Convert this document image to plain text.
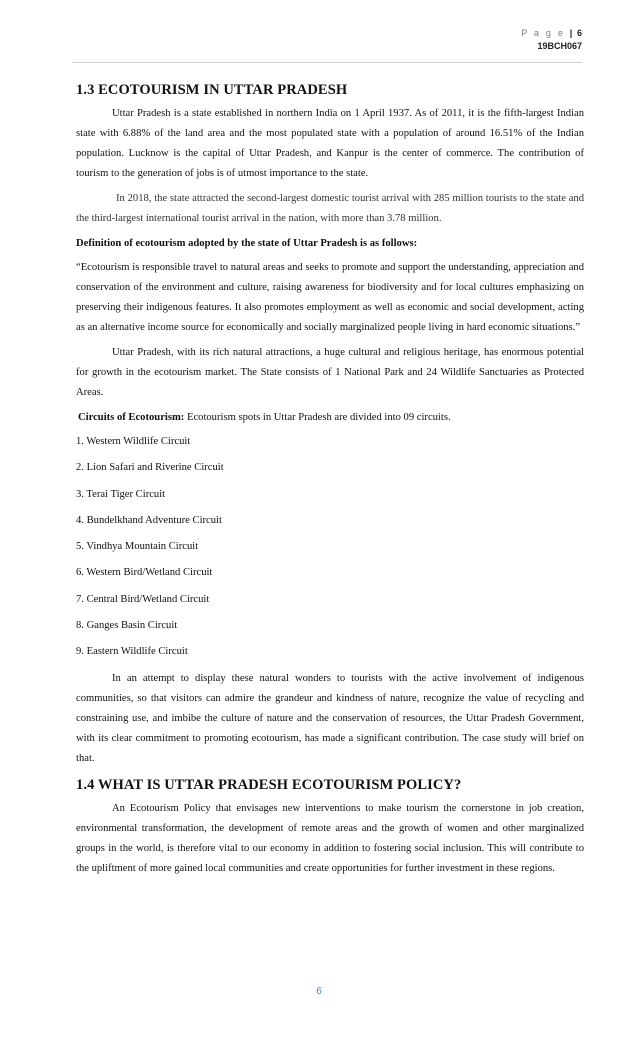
P a g e | 6
19BCH067
1.3 ECOTOURISM IN UTTAR PRADESH

Uttar Pradesh is a state established in northern India on 1 April 1937. As of 2011, it is the fifth-largest Indian state with 6.88% of the land area and the most populated state with a population of around 16.51% of the Indian population. Lucknow is the capital of Uttar Pradesh, and Kanpur is the center of commerce. The contribution of tourism to the generation of jobs is of utmost importance to the state.

In 2018, the state attracted the second-largest domestic tourist arrival with 285 million tourists to the state and the third-largest international tourist arrival in the nation, with more than 3.78 million.

Definition of ecotourism adopted by the state of Uttar Pradesh is as follows:

“Ecotourism is responsible travel to natural areas and seeks to promote and support the understanding, appreciation and conservation of the environment and culture, raising awareness for biodiversity and for local cultures emphasizing on preserving their indigenous features. It also promotes employment as well as economic and social development, acting as an alternative income source for economically and socially marginalized people living in hard economic situations.”

Uttar Pradesh, with its rich natural attractions, a huge cultural and religious heritage, has enormous potential for growth in the ecotourism market. The State consists of 1 National Park and 24 Wildlife Sanctuaries as Protected Areas.

Circuits of Ecotourism: Ecotourism spots in Uttar Pradesh are divided into 09 circuits.
1. Western Wildlife Circuit
2. Lion Safari and Riverine Circuit
3. Terai Tiger Circuit
4. Bundelkhand Adventure Circuit
5. Vindhya Mountain Circuit
6. Western Bird/Wetland Circuit
7. Central Bird/Wetland Circuit
8. Ganges Basin Circuit
9. Eastern Wildlife Circuit

In an attempt to display these natural wonders to tourists with the active involvement of indigenous communities, so that visitors can admire the grandeur and kindness of nature, recognize the value of recycling and constraining use, and imbibe the culture of nature and the conservation of resources, the Uttar Pradesh Government, with its clear commitment to promoting ecotourism, has made a significant contribution. The case study will brief on that.

1.4 WHAT IS UTTAR PRADESH ECOTOURISM POLICY?

An Ecotourism Policy that envisages new interventions to make tourism the cornerstone in job creation, environmental transformation, the development of remote areas and the growth of women and other marginalized groups in the world, is therefore vital to our economy in addition to fostering social inclusion. This will contribute to the upliftment of more gained local communities and create opportunities for further investment in these regions.

6
